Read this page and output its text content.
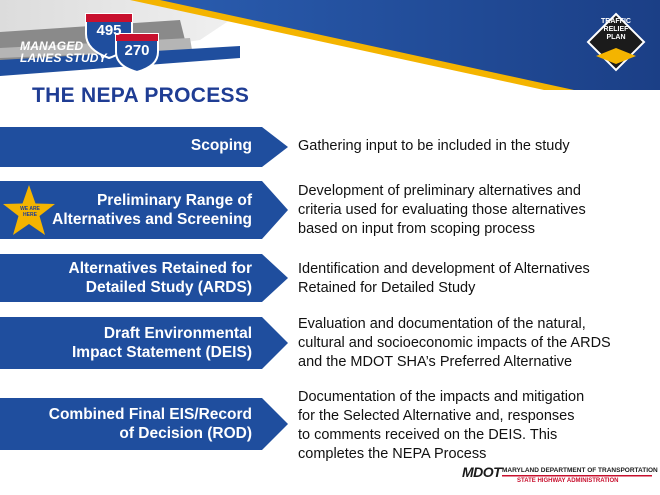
495
270
MANAGED
LANES STUDY
TRAFFIC
RELIEF PLAN
THE NEPA PROCESS
Scoping	Gathering input to be included in the study
Preliminary Range of
Alternatives and Screening
Development of preliminary alternatives and
criteria used for evaluating those alternatives
based on input from scoping process
WE ARE
HERE
Alternatives Retained for
Detailed Study (ARDS)
Identification and development of Alternatives
Retained for Detailed Study
Draft Environmental
Impact Statement (DEIS)
Evaluation and documentation of the natural,
cultural and socioeconomic impacts of the ARDS
and the MDOT SHA’s Preferred Alternative
Combined Final EIS/Record
of Decision (ROD)
Documentation of the impacts and mitigation
for the Selected Alternative and, responses
to comments received on the DEIS. This
completes the NEPA Process
MDOT MARYLAND DEPARTMENT OF TRANSPORTATION
STATE HIGHWAY ADMINISTRATION
